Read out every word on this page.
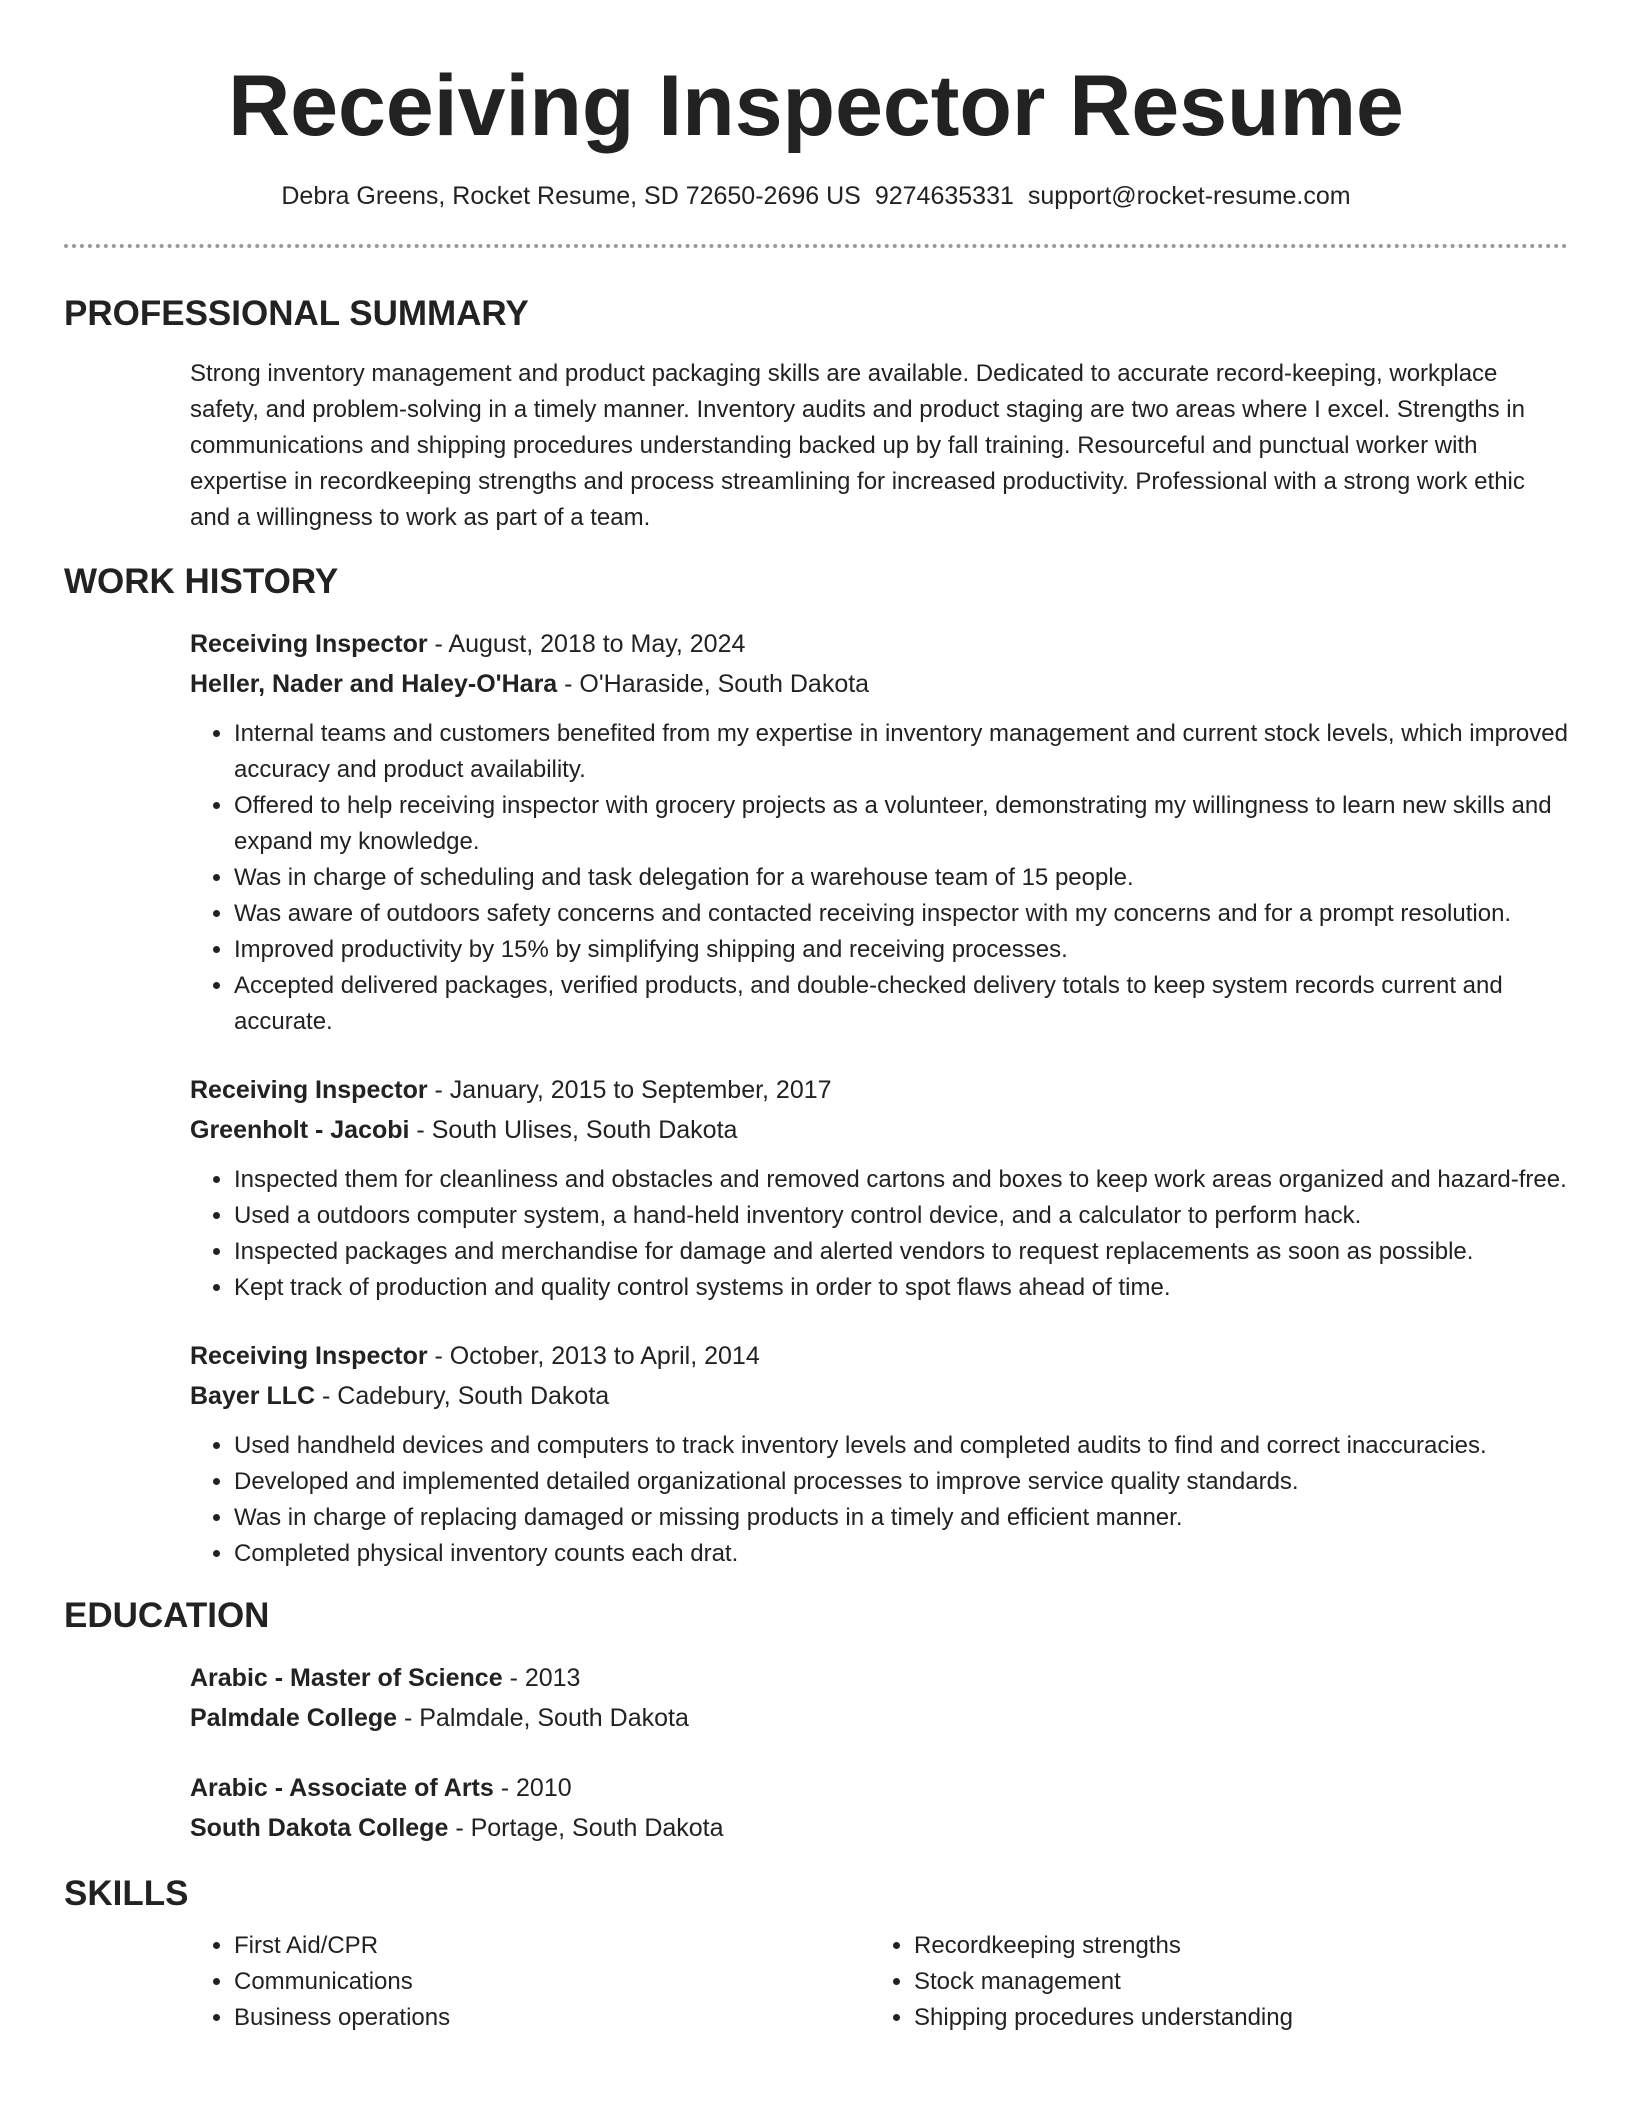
Receiving Inspector Resume
Debra Greens, Rocket Resume, SD 72650-2696 US 9274635331 support@rocket-resume.com
PROFESSIONAL SUMMARY
Strong inventory management and product packaging skills are available. Dedicated to accurate record-keeping, workplace safety, and problem-solving in a timely manner. Inventory audits and product staging are two areas where I excel. Strengths in communications and shipping procedures understanding backed up by fall training. Resourceful and punctual worker with expertise in recordkeeping strengths and process streamlining for increased productivity. Professional with a strong work ethic and a willingness to work as part of a team.
WORK HISTORY
Receiving Inspector - August, 2018 to May, 2024
Heller, Nader and Haley-O'Hara - O'Haraside, South Dakota
• Internal teams and customers benefited from my expertise in inventory management and current stock levels, which improved accuracy and product availability.
• Offered to help receiving inspector with grocery projects as a volunteer, demonstrating my willingness to learn new skills and expand my knowledge.
• Was in charge of scheduling and task delegation for a warehouse team of 15 people.
• Was aware of outdoors safety concerns and contacted receiving inspector with my concerns and for a prompt resolution.
• Improved productivity by 15% by simplifying shipping and receiving processes.
• Accepted delivered packages, verified products, and double-checked delivery totals to keep system records current and accurate.
Receiving Inspector - January, 2015 to September, 2017
Greenholt - Jacobi - South Ulises, South Dakota
• Inspected them for cleanliness and obstacles and removed cartons and boxes to keep work areas organized and hazard-free.
• Used a outdoors computer system, a hand-held inventory control device, and a calculator to perform hack.
• Inspected packages and merchandise for damage and alerted vendors to request replacements as soon as possible.
• Kept track of production and quality control systems in order to spot flaws ahead of time.
Receiving Inspector - October, 2013 to April, 2014
Bayer LLC - Cadebury, South Dakota
• Used handheld devices and computers to track inventory levels and completed audits to find and correct inaccuracies.
• Developed and implemented detailed organizational processes to improve service quality standards.
• Was in charge of replacing damaged or missing products in a timely and efficient manner.
• Completed physical inventory counts each drat.
EDUCATION
Arabic - Master of Science - 2013
Palmdale College - Palmdale, South Dakota
Arabic - Associate of Arts - 2010
South Dakota College - Portage, South Dakota
SKILLS
• First Aid/CPR
• Communications
• Business operations
• Recordkeeping strengths
• Stock management
• Shipping procedures understanding
